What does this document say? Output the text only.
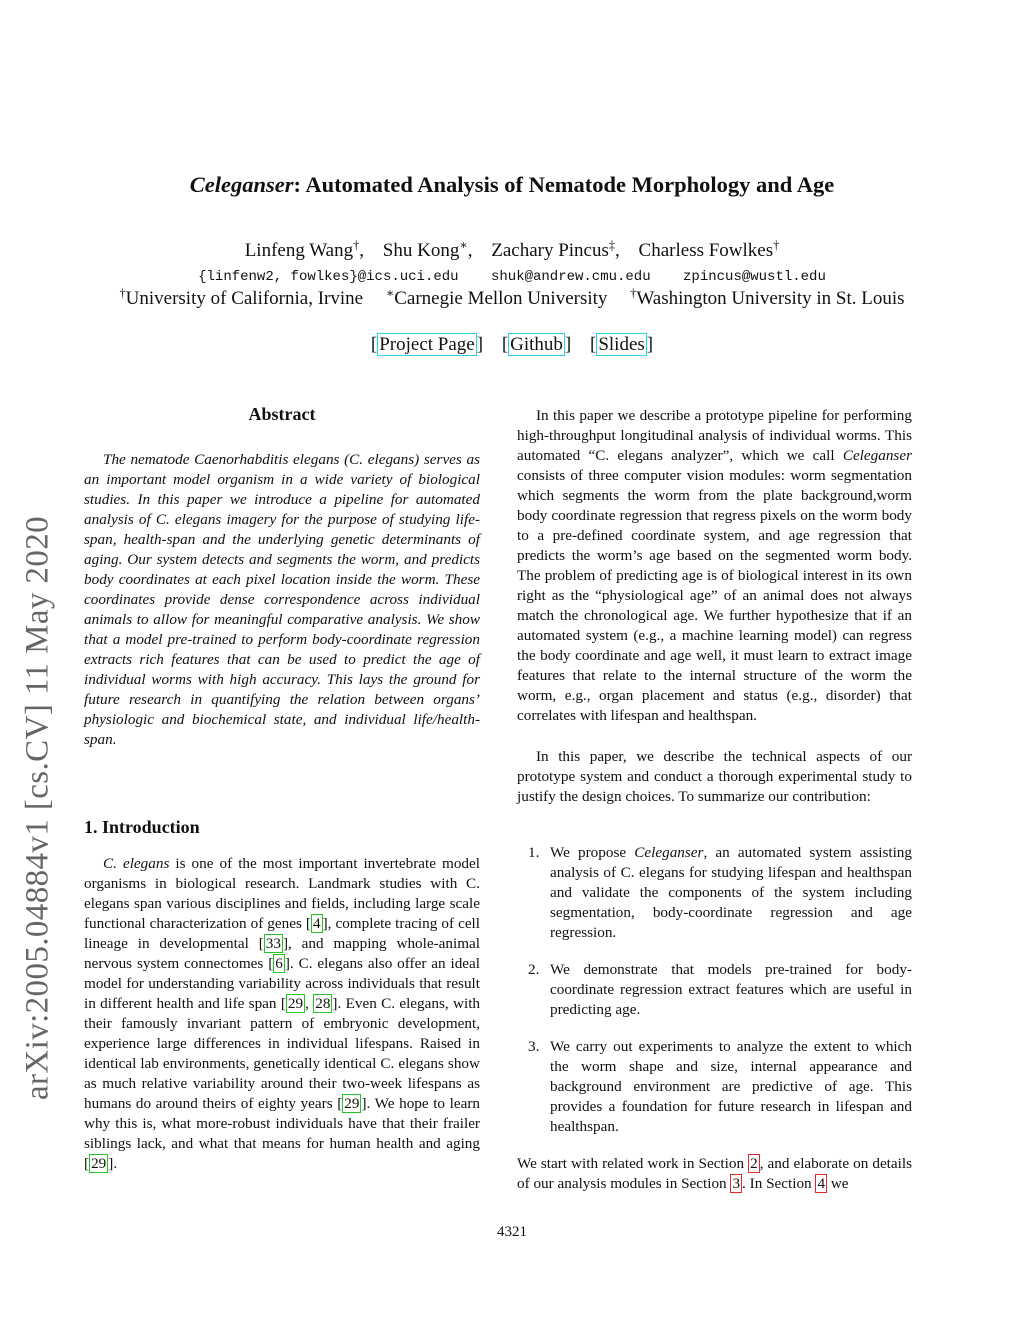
arXiv:2005.04884v1 [cs.CV] 11 May 2020
Celeganser: Automated Analysis of Nematode Morphology and Age
Linfeng Wang†, Shu Kong∗, Zachary Pincus‡, Charless Fowlkes†
{linfenw2, fowlkes}@ics.uci.edu shuk@andrew.cmu.edu zpincus@wustl.edu
†University of California, Irvine ∗Carnegie Mellon University †Washington University in St. Louis
[ Project Page ] [ Github ] [ Slides ]
Abstract

The nematode Caenorhabditis elegans (C. elegans) serves as an important model organism in a wide variety of biological studies. In this paper we introduce a pipeline for automated analysis of C. elegans imagery for the purpose of studying life-span, health-span and the underlying genetic determinants of aging. Our system detects and segments the worm, and predicts body coordinates at each pixel location inside the worm. These coordinates provide dense correspondence across individual animals to allow for meaningful comparative analysis. We show that a model pre-trained to perform body-coordinate regression extracts rich features that can be used to predict the age of individual worms with high accuracy. This lays the ground for future research in quantifying the relation between organs’ physiologic and biochemical state, and individual life/health-span.

1. Introduction

C. elegans is one of the most important invertebrate model organisms in biological research. Landmark studies with C. elegans span various disciplines and fields, including large scale functional characterization of genes [ 4 ], complete tracing of cell lineage in developmental [ 33 ], and mapping whole-animal nervous system connectomes [ 6 ]. C. elegans also offer an ideal model for understanding variability across individuals that result in different health and life span [ 29 , 28 ]. Even C. elegans, with their famously invariant pattern of embryonic development, experience large differences in individual lifespans. Raised in identical lab environments, genetically identical C. elegans show as much relative variability around their two-week lifespans as humans do around theirs of eighty years [ 29 ]. We hope to learn why this is, what more-robust individuals have that their frailer siblings lack, and what that means for human health and aging [ 29 ].

In this paper we describe a prototype pipeline for performing high-throughput longitudinal analysis of individual worms. This automated “C. elegans analyzer”, which we call Celeganser consists of three computer vision modules: worm segmentation which segments the worm from the plate background,worm body coordinate regression that regress pixels on the worm body to a pre-defined coordinate system, and age regression that predicts the worm’s age based on the segmented worm body. The problem of predicting age is of biological interest in its own right as the “physiological age” of an animal does not always match the chronological age. We further hypothesize that if an automated system (e.g., a machine learning model) can regress the body coordinate and age well, it must learn to extract image features that relate to the internal structure of the worm the worm, e.g., organ placement and status (e.g., disorder) that correlates with lifespan and healthspan.

In this paper, we describe the technical aspects of our prototype system and conduct a thorough experimental study to justify the design choices. To summarize our contribution:

1. We propose Celeganser, an automated system assisting analysis of C. elegans for studying lifespan and healthspan and validate the components of the system including segmentation, body-coordinate regression and age regression.
2. We demonstrate that models pre-trained for body-coordinate regression extract features which are useful in predicting age.
3. We carry out experiments to analyze the extent to which the worm shape and size, internal appearance and background environment are predictive of age. This provides a foundation for future research in lifespan and healthspan.

We start with related work in Section 2 , and elaborate on details of our analysis modules in Section 3 . In Section 4 we

4321
